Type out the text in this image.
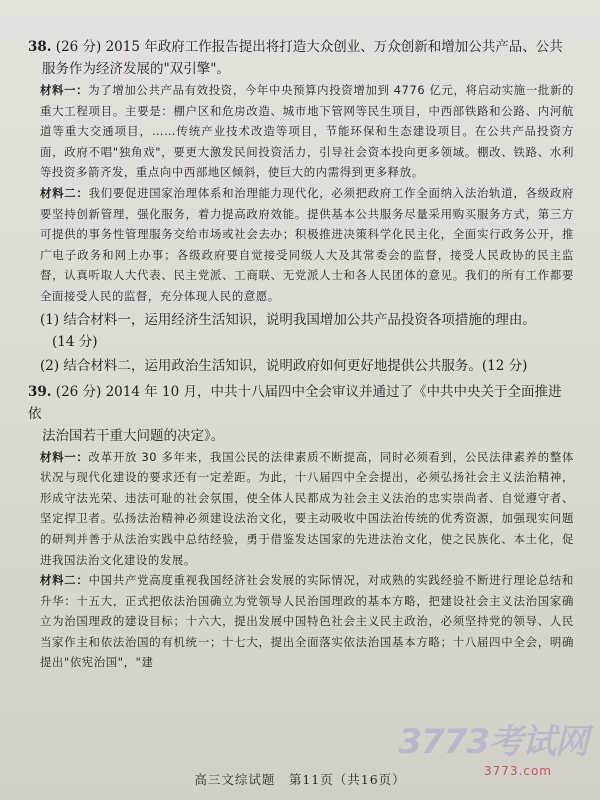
38. (26 分) 2015 年政府工作报告提出将打造大众创业、万众创新和增加公共产品、公共
服务作为经济发展的"双引擎"。

材料一：为了增加公共产品有效投资，今年中央预算内投资增加到 4776 亿元，将启动实施一批新的重大工程项目。主要是：棚户区和危房改造、城市地下管网等民生项目，中西部铁路和公路、内河航道等重大交通项目，……传统产业技术改造等项目，节能环保和生态建设项目。在公共产品投资方面，政府不唱"独角戏"，要更大激发民间投资活力，引导社会资本投向更多领域。棚改、铁路、水利等投资多箭齐发，重点向中西部地区倾斜，使巨大的内需得到更多释放。

材料二：我们要促进国家治理体系和治理能力现代化，必须把政府工作全面纳入法治轨道，各级政府要坚持创新管理，强化服务，着力提高政府效能。提供基本公共服务尽量采用购买服务方式，第三方可提供的事务性管理服务交给市场或社会去办；积极推进决策科学化民主化，全面实行政务公开，推广电子政务和网上办事；各级政府要自觉接受同级人大及其常委会的监督，接受人民政协的民主监督，认真听取人大代表、民主党派、工商联、无党派人士和各人民团体的意见。我们的所有工作都要全面接受人民的监督，充分体现人民的意愿。

(1) 结合材料一，运用经济生活知识，说明我国增加公共产品投资各项措施的理由。
(14 分)

(2) 结合材料二，运用政治生活知识，说明政府如何更好地提供公共服务。(12 分)

39. (26 分) 2014 年 10 月，中共十八届四中全会审议并通过了《中共中央关于全面推进依
法治国若干重大问题的决定》。

材料一：改革开放 30 多年来，我国公民的法律素质不断提高，同时必须看到，公民法律素养的整体状况与现代化建设的要求还有一定差距。为此，十八届四中全会提出，必须弘扬社会主义法治精神，形成守法光荣、违法可耻的社会氛围，使全体人民都成为社会主义法治的忠实崇尚者、自觉遵守者、坚定捍卫者。弘扬法治精神必须建设法治文化，要主动吸收中国法治传统的优秀资源，加强现实问题的研判并善于从法治实践中总结经验，勇于借鉴发达国家的先进法治文化，使之民族化、本土化，促进我国法治文化建设的发展。

材料二：中国共产党高度重视我国经济社会发展的实际情况，对成熟的实践经验不断进行理论总结和升华：十五大，正式把依法治国确立为党领导人民治国理政的基本方略，把建设社会主义法治国家确立为治国理政的建设目标；十六大，提出发展中国特色社会主义民主政治，必须坚持党的领导、人民当家作主和依法治国的有机统一；十七大，提出全面落实依法治国基本方略；十八届四中全会，明确提出"依宪治国"，"建

3773考试网
3773.com
高三文综试题　第11页（共16页）
